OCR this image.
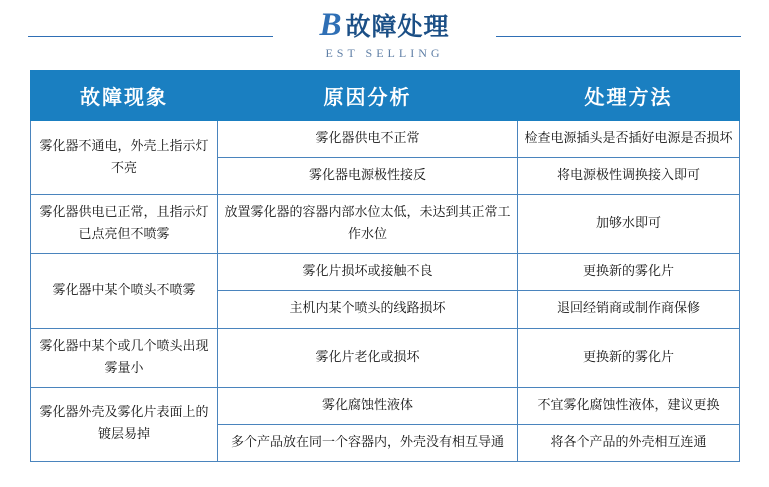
B 故障处理
EST SELLING
故障现象	原因分析	处理方法
雾化器不通电，外壳上指示灯不亮	雾化器供电不正常	检查电源插头是否插好电源是否损坏
	雾化器电源极性接反	将电源极性调换接入即可
雾化器供电已正常，且指示灯已点亮但不喷雾	放置雾化器的容器内部水位太低，未达到其正常工作水位	加够水即可
雾化器中某个喷头不喷雾	雾化片损坏或接触不良	更换新的雾化片
	主机内某个喷头的线路损坏	退回经销商或制作商保修
雾化器中某个或几个喷头出现雾量小	雾化片老化或损坏	更换新的雾化片
雾化器外壳及雾化片表面上的镀层易掉	雾化腐蚀性液体	不宜雾化腐蚀性液体，建议更换
	多个产品放在同一个容器内，外壳没有相互导通	将各个产品的外壳相互连通
